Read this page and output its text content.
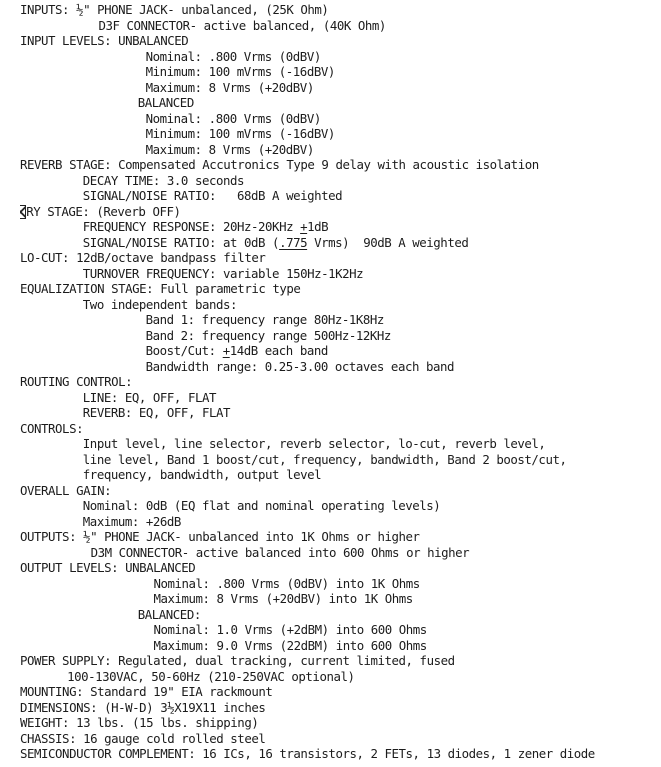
INPUTS: ½" PHONE JACK- unbalanced, (25K Ohm)
D3F CONNECTOR- active balanced, (40K Ohm)
INPUT LEVELS: UNBALANCED
Nominal: .800 Vrms (0dBV)
Minimum: 100 mVrms (-16dBV)
Maximum: 8 Vrms (+20dBV)
BALANCED
Nominal: .800 Vrms (0dBV)
Minimum: 100 mVrms (-16dBV)
Maximum: 8 Vrms (+20dBV)
REVERB STAGE: Compensated Accutronics Type 9 delay with acoustic isolation
DECAY TIME: 3.0 seconds
SIGNAL/NOISE RATIO:   68dB A weighted
RY STAGE: (Reverb OFF)
FREQUENCY RESPONSE: 20Hz-20KHz +1dB
SIGNAL/NOISE RATIO: at 0dB (.775 Vrms)  90dB A weighted
LO-CUT: 12dB/octave bandpass filter
TURNOVER FREQUENCY: variable 150Hz-1K2Hz
EQUALIZATION STAGE: Full parametric type
Two independent bands:
Band 1: frequency range 80Hz-1K8Hz
Band 2: frequency range 500Hz-12KHz
Boost/Cut: +14dB each band
Bandwidth range: 0.25-3.00 octaves each band
ROUTING CONTROL:
LINE: EQ, OFF, FLAT
REVERB: EQ, OFF, FLAT
CONTROLS:
Input level, line selector, reverb selector, lo-cut, reverb level,
line level, Band 1 boost/cut, frequency, bandwidth, Band 2 boost/cut,
frequency, bandwidth, output level
OVERALL GAIN:
Nominal: 0dB (EQ flat and nominal operating levels)
Maximum: +26dB
OUTPUTS: ½" PHONE JACK- unbalanced into 1K Ohms or higher
D3M CONNECTOR- active balanced into 600 Ohms or higher
OUTPUT LEVELS: UNBALANCED
Nominal: .800 Vrms (0dBV) into 1K Ohms
Maximum: 8 Vrms (+20dBV) into 1K Ohms
BALANCED:
Nominal: 1.0 Vrms (+2dBM) into 600 Ohms
Maximum: 9.0 Vrms (22dBM) into 600 Ohms
POWER SUPPLY: Regulated, dual tracking, current limited, fused
100-130VAC, 50-60Hz (210-250VAC optional)
MOUNTING: Standard 19" EIA rackmount
DIMENSIONS: (H-W-D) 3½X19X11 inches
WEIGHT: 13 lbs. (15 lbs. shipping)
CHASSIS: 16 gauge cold rolled steel
SEMICONDUCTOR COMPLEMENT: 16 ICs, 16 transistors, 2 FETs, 13 diodes, 1 zener diode
